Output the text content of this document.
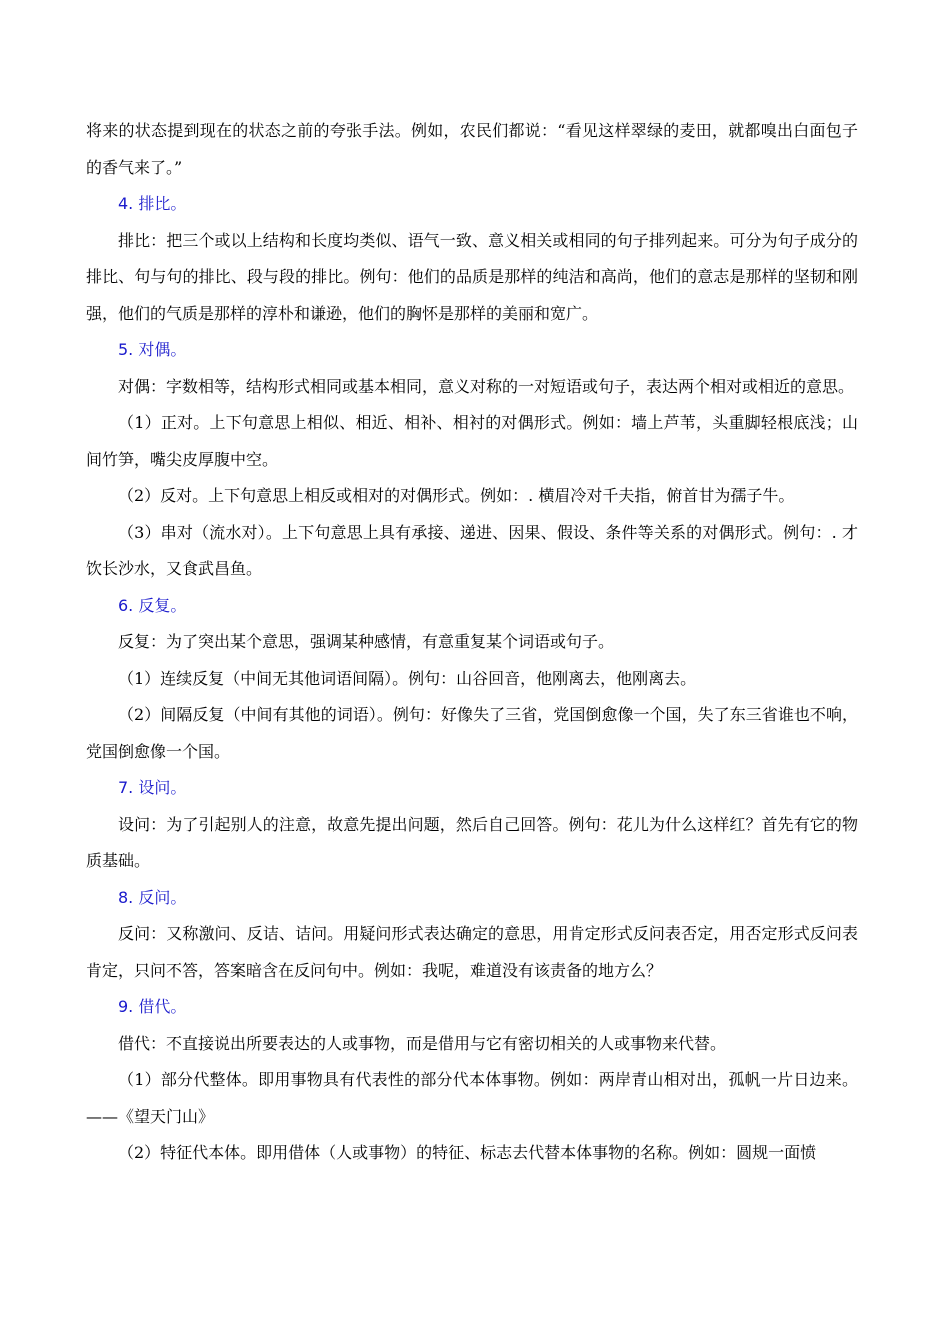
将来的状态提到现在的状态之前的夸张手法。例如，农民们都说：“看见这样翠绿的麦田，就都嗅出白面包子的香气来了。”

4. 排比。

排比：把三个或以上结构和长度均类似、语气一致、意义相关或相同的句子排列起来。可分为句子成分的排比、句与句的排比、段与段的排比。例句：他们的品质是那样的纯洁和高尚，他们的意志是那样的坚韧和刚强，他们的气质是那样的淳朴和谦逊，他们的胸怀是那样的美丽和宽广。

5. 对偶。

对偶：字数相等，结构形式相同或基本相同，意义对称的一对短语或句子，表达两个相对或相近的意思。

（1）正对。上下句意思上相似、相近、相补、相衬的对偶形式。例如：墙上芦苇，头重脚轻根底浅；山间竹笋，嘴尖皮厚腹中空。

（2）反对。上下句意思上相反或相对的对偶形式。例如：. 横眉冷对千夫指，俯首甘为孺子牛。

（3）串对（流水对）。上下句意思上具有承接、递进、因果、假设、条件等关系的对偶形式。例句：. 才饮长沙水，又食武昌鱼。

6. 反复。

反复：为了突出某个意思，强调某种感情，有意重复某个词语或句子。

（1）连续反复（中间无其他词语间隔）。例句：山谷回音，他刚离去，他刚离去。

（2）间隔反复（中间有其他的词语）。例句：好像失了三省，党国倒愈像一个国，失了东三省谁也不响，党国倒愈像一个国。

7. 设问。

设问：为了引起别人的注意，故意先提出问题，然后自己回答。例句：花儿为什么这样红？首先有它的物质基础。

8. 反问。

反问：又称激问、反诘、诘问。用疑问形式表达确定的意思，用肯定形式反问表否定，用否定形式反问表肯定，只问不答，答案暗含在反问句中。例如：我呢，难道没有该责备的地方么？

9. 借代。

借代：不直接说出所要表达的人或事物，而是借用与它有密切相关的人或事物来代替。

（1）部分代整体。即用事物具有代表性的部分代本体事物。例如：两岸青山相对出，孤帆一片日边来。——《望天门山》

（2）特征代本体。即用借体（人或事物）的特征、标志去代替本体事物的名称。例如：圆规一面愤
